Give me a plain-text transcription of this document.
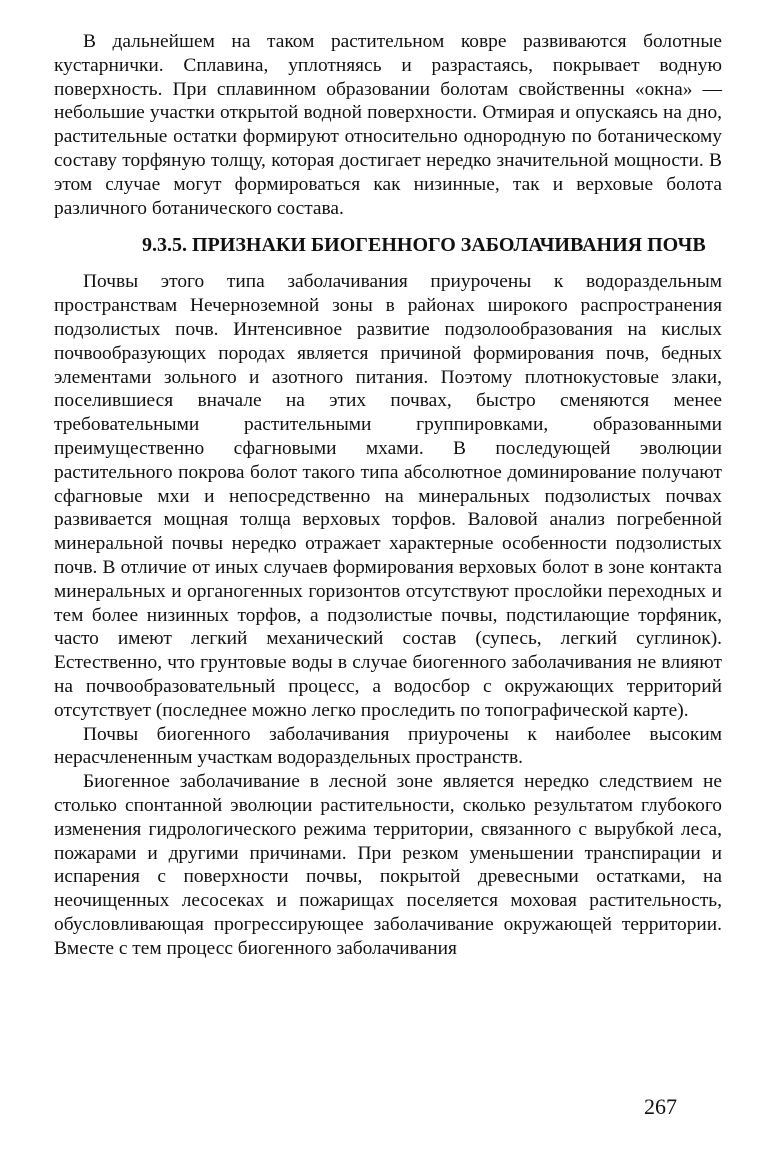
В дальнейшем на таком растительном ковре развиваются болотные кустарнички. Сплавина, уплотняясь и разрастаясь, покрывает водную поверхность. При сплавинном образовании болотам свойственны «окна» — небольшие участки открытой водной поверхности. Отмирая и опускаясь на дно, растительные остатки формируют относительно однородную по ботаническому составу торфяную толщу, которая достигает нередко значительной мощности. В этом случае могут формироваться как низинные, так и верховые болота различного ботанического состава.

9.3.5. ПРИЗНАКИ БИОГЕННОГО ЗАБОЛАЧИВАНИЯ ПОЧВ

Почвы этого типа заболачивания приурочены к водораздельным пространствам Нечерноземной зоны в районах широкого распространения подзолистых почв. Интенсивное развитие подзолообразования на кислых почвообразующих породах является причиной формирования почв, бедных элементами зольного и азотного питания. Поэтому плотнокустовые злаки, поселившиеся вначале на этих почвах, быстро сменяются менее требовательными растительными группировками, образованными преимущественно сфагновыми мхами. В последующей эволюции растительного покрова болот такого типа абсолютное доминирование получают сфагновые мхи и непосредственно на минеральных подзолистых почвах развивается мощная толща верховых торфов. Валовой анализ погребенной минеральной почвы нередко отражает характерные особенности подзолистых почв. В отличие от иных случаев формирования верховых болот в зоне контакта минеральных и органогенных горизонтов отсутствуют прослойки переходных и тем более низинных торфов, а подзолистые почвы, подстилающие торфяник, часто имеют легкий механический состав (супесь, легкий суглинок). Естественно, что грунтовые воды в случае биогенного заболачивания не влияют на почвообразовательный процесс, а водосбор с окружающих территорий отсутствует (последнее можно легко проследить по топографической карте).

Почвы биогенного заболачивания приурочены к наиболее высоким нерасчлененным участкам водораздельных пространств.

Биогенное заболачивание в лесной зоне является нередко следствием не столько спонтанной эволюции растительности, сколько результатом глубокого изменения гидрологического режима территории, связанного с вырубкой леса, пожарами и другими причинами. При резком уменьшении транспирации и испарения с поверхности почвы, покрытой древесными остатками, на неочищенных лесосеках и пожарищах поселяется моховая растительность, обусловливающая прогрессирующее заболачивание окружающей территории. Вместе с тем процесс биогенного заболачивания

267
